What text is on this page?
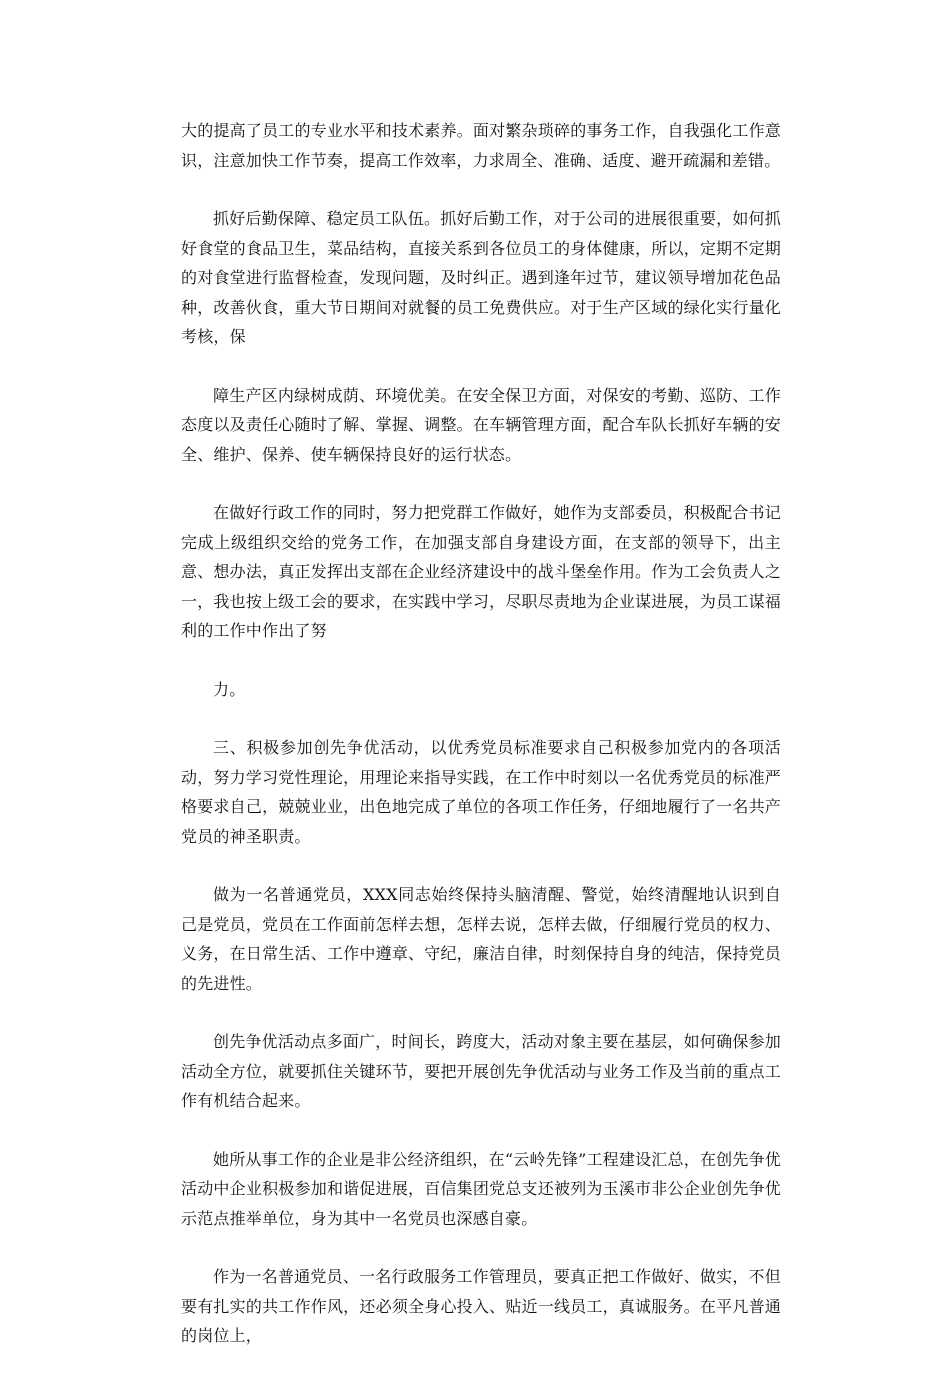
大的提高了员工的专业水平和技术素养。面对繁杂琐碎的事务工作，自我强化工作意识，注意加快工作节奏，提高工作效率，力求周全、准确、适度、避开疏漏和差错。

抓好后勤保障、稳定员工队伍。抓好后勤工作，对于公司的进展很重要，如何抓好食堂的食品卫生，菜品结构，直接关系到各位员工的身体健康，所以，定期不定期的对食堂进行监督检查，发现问题，及时纠正。遇到逢年过节，建议领导增加花色品种，改善伙食，重大节日期间对就餐的员工免费供应。对于生产区域的绿化实行量化考核，保

障生产区内绿树成荫、环境优美。在安全保卫方面，对保安的考勤、巡防、工作态度以及责任心随时了解、掌握、调整。在车辆管理方面，配合车队长抓好车辆的安全、维护、保养、使车辆保持良好的运行状态。

在做好行政工作的同时，努力把党群工作做好，她作为支部委员，积极配合书记完成上级组织交给的党务工作，在加强支部自身建设方面，在支部的领导下，出主意、想办法，真正发挥出支部在企业经济建设中的战斗堡垒作用。作为工会负责人之一，我也按上级工会的要求，在实践中学习，尽职尽责地为企业谋进展，为员工谋福利的工作中作出了努

力。

三、积极参加创先争优活动，以优秀党员标准要求自己积极参加党内的各项活动，努力学习党性理论，用理论来指导实践，在工作中时刻以一名优秀党员的标准严格要求自己，兢兢业业，出色地完成了单位的各项工作任务，仔细地履行了一名共产党员的神圣职责。

做为一名普通党员，XXX同志始终保持头脑清醒、警觉，始终清醒地认识到自己是党员，党员在工作面前怎样去想，怎样去说，怎样去做，仔细履行党员的权力、义务，在日常生活、工作中遵章、守纪，廉洁自律，时刻保持自身的纯洁，保持党员的先进性。

创先争优活动点多面广，时间长，跨度大，活动对象主要在基层，如何确保参加活动全方位，就要抓住关键环节，要把开展创先争优活动与业务工作及当前的重点工作有机结合起来。

她所从事工作的企业是非公经济组织，在“云岭先锋”工程建设汇总，在创先争优活动中企业积极参加和谐促进展，百信集团党总支还被列为玉溪市非公企业创先争优示范点推举单位，身为其中一名党员也深感自豪。

作为一名普通党员、一名行政服务工作管理员，要真正把工作做好、做实，不但要有扎实的共工作作风，还必须全身心投入、贴近一线员工，真诚服务。在平凡普通的岗位上，
